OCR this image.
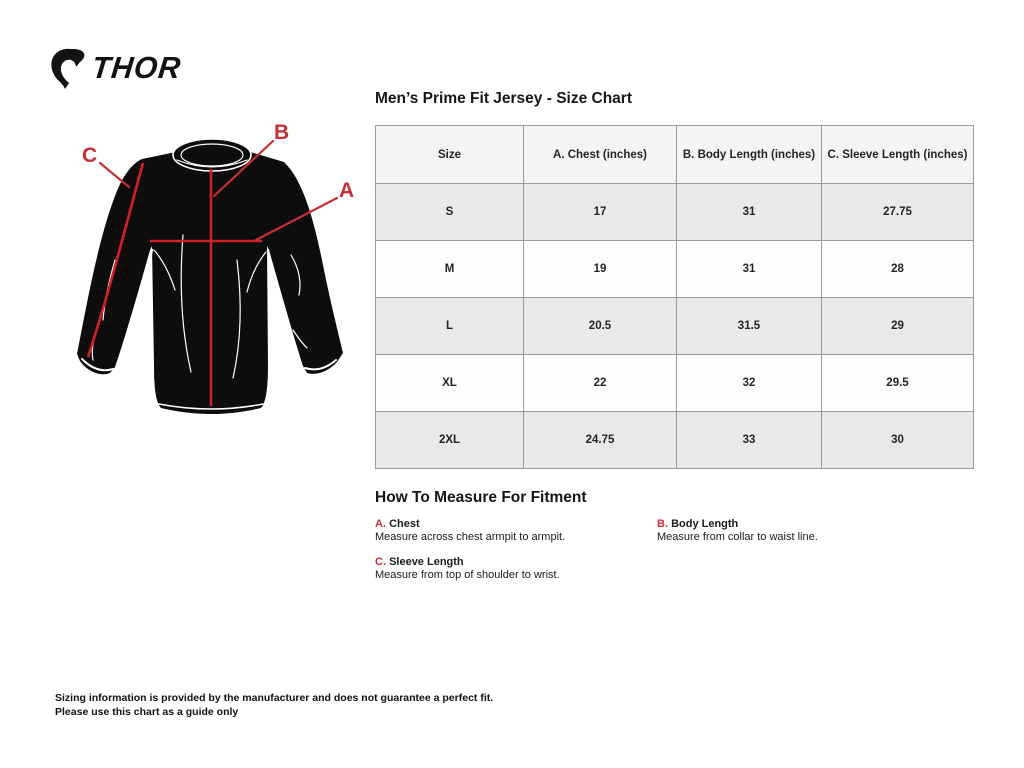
THOR
C
B
A
Men’s Prime Fit Jersey - Size Chart
Size	A. Chest (inches)	B. Body Length (inches)	C. Sleeve Length (inches)
S	17	31	27.75
M	19	31	28
L	20.5	31.5	29
XL	22	32	29.5
2XL	24.75	33	30
How To Measure For Fitment
A. Chest
Measure across chest armpit to armpit.
B. Body Length
Measure from collar to waist line.
C. Sleeve Length
Measure from top of shoulder to wrist.
Sizing information is provided by the manufacturer and does not guarantee a perfect fit.
Please use this chart as a guide only
